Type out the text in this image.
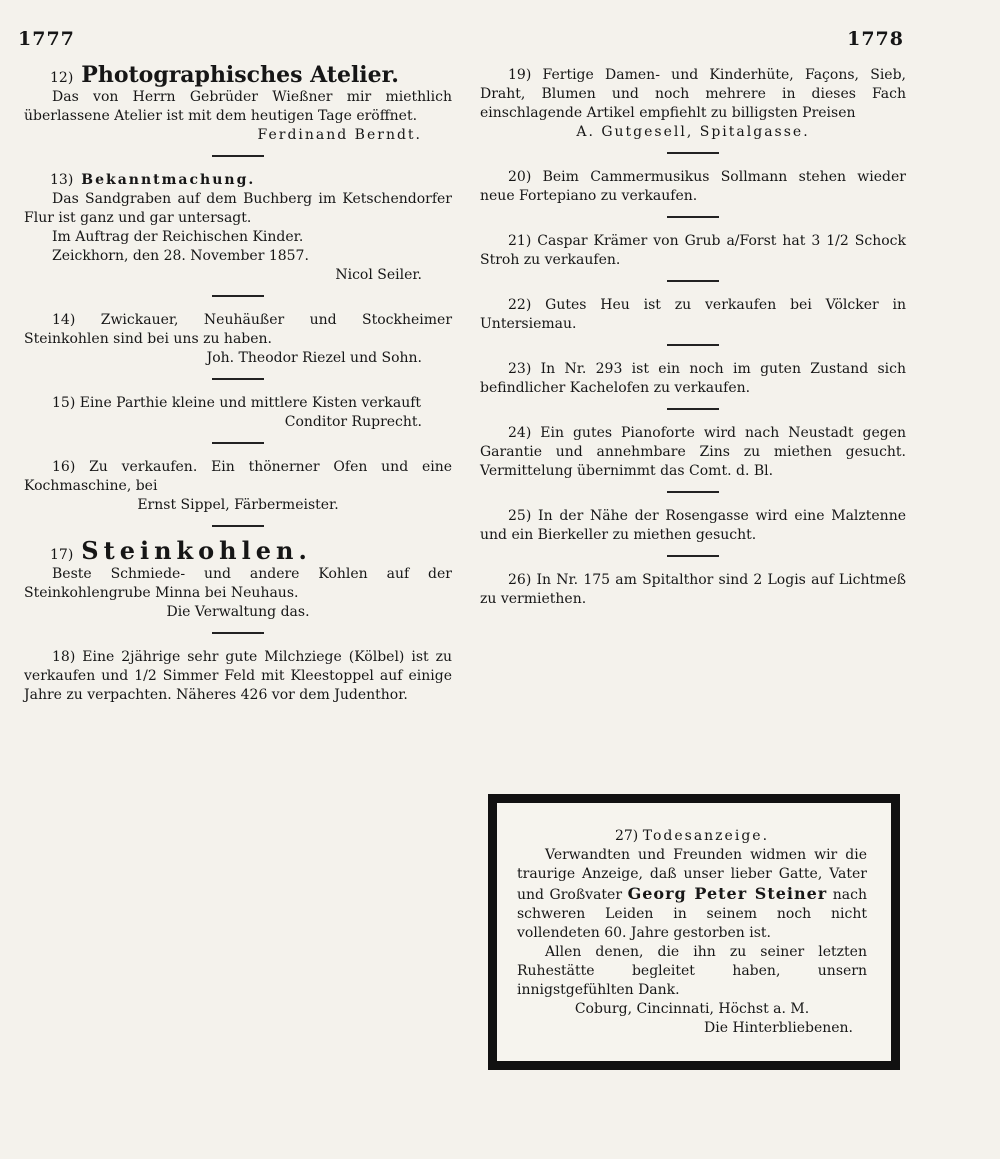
1777	1778
12) Photographisches Atelier.

Das von Herrn Gebrüder Wießner mir miethlich überlassene Atelier ist mit dem heutigen Tage eröffnet.

Ferdinand Berndt.

13) Bekanntmachung.

Das Sandgraben auf dem Buchberg im Ketschendorfer Flur ist ganz und gar untersagt.

Im Auftrag der Reichischen Kinder.

Zeickhorn, den 28. November 1857.

Nicol Seiler.

14) Zwickauer, Neuhäußer und Stockheimer Steinkohlen sind bei uns zu haben.

Joh. Theodor Riezel und Sohn.

15) Eine Parthie kleine und mittlere Kisten verkauft

Conditor Ruprecht.

16) Zu verkaufen. Ein thönerner Ofen und eine Kochmaschine, bei

Ernst Sippel, Färbermeister.

17) Steinkohlen.

Beste Schmiede- und andere Kohlen auf der Steinkohlengrube Minna bei Neuhaus.

Die Verwaltung das.

18) Eine 2jährige sehr gute Milchziege (Kölbel) ist zu verkaufen und 1/2 Simmer Feld mit Kleestoppel auf einige Jahre zu verpachten. Näheres 426 vor dem Judenthor.

19) Fertige Damen- und Kinderhüte, Façons, Sieb, Draht, Blumen und noch mehrere in dieses Fach einschlagende Artikel empfiehlt zu billigsten Preisen

A. Gutgesell, Spitalgasse.

20) Beim Cammermusikus Sollmann stehen wieder neue Fortepiano zu verkaufen.

21) Caspar Krämer von Grub a/Forst hat 3 1/2 Schock Stroh zu verkaufen.

22) Gutes Heu ist zu verkaufen bei Völcker in Untersiemau.

23) In Nr. 293 ist ein noch im guten Zustand sich befindlicher Kachelofen zu verkaufen.

24) Ein gutes Pianoforte wird nach Neustadt gegen Garantie und annehmbare Zins zu miethen gesucht. Vermittelung übernimmt das Comt. d. Bl.

25) In der Nähe der Rosengasse wird eine Malztenne und ein Bierkeller zu miethen gesucht.

26) In Nr. 175 am Spitalthor sind 2 Logis auf Lichtmeß zu vermiethen.

27) Todesanzeige.

Verwandten und Freunden widmen wir die traurige Anzeige, daß unser lieber Gatte, Vater und Großvater Georg Peter Steiner nach schweren Leiden in seinem noch nicht vollendeten 60. Jahre gestorben ist.

Allen denen, die ihn zu seiner letzten Ruhestätte begleitet haben, unsern innigstgefühlten Dank.

Coburg, Cincinnati, Höchst a. M.

Die Hinterbliebenen.
